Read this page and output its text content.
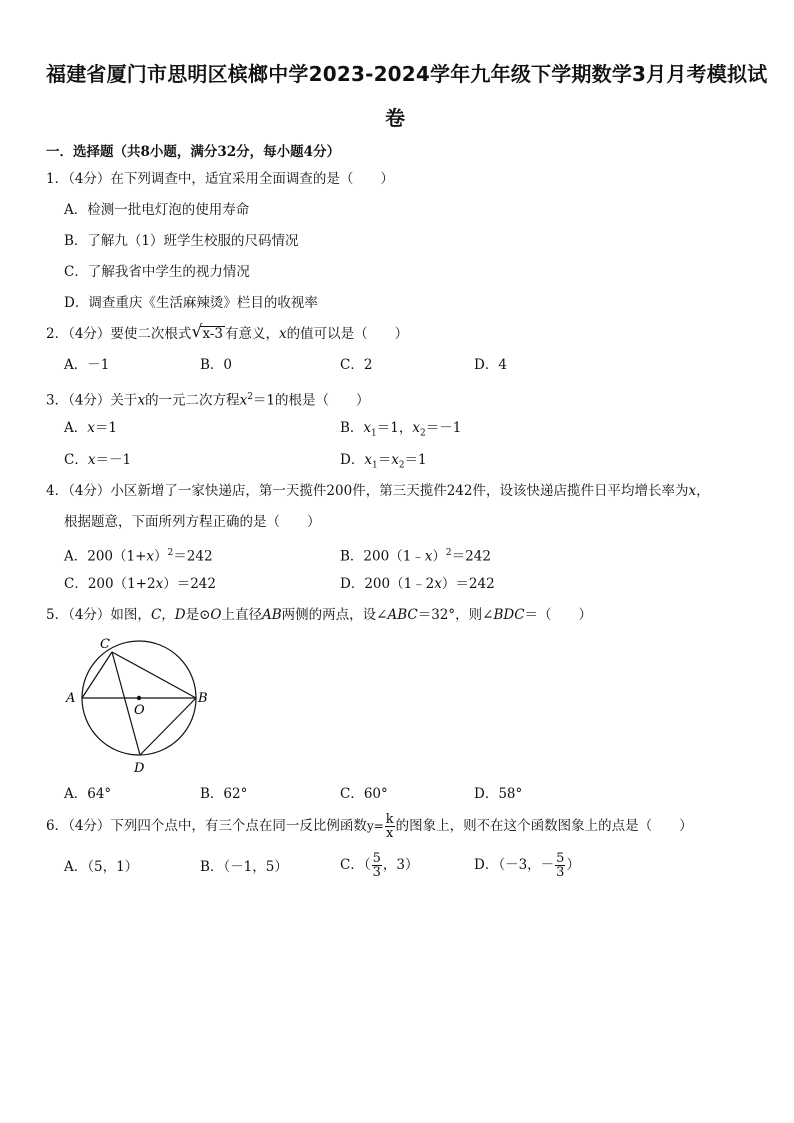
福建省厦门市思明区槟榔中学2023-2024学年九年级下学期数学3月月考模拟试
卷
一．选择题（共8小题，满分32分，每小题4分）
1．（4分）在下列调查中，适宜采用全面调查的是（　　）
A．检测一批电灯泡的使用寿命
B．了解九（1）班学生校服的尺码情况
C．了解我省中学生的视力情况
D．调查重庆《生活麻辣烫》栏目的收视率
2．（4分）要使二次根式 √ x-3 有意义，x的值可以是（　　）
A．－1	B．0	C．2	D．4
3．（4分）关于x的一元二次方程$x^2=1$的根是（　　）
A．x＝1	B．$x_1=1$，$x_2=-1$
C．x＝－1	D．$x_1=x_2=1$
4．（4分）小区新增了一家快递店，第一天揽件200件，第三天揽件242件，设该快递店揽件日平均增长率为x，
根据题意，下面所列方程正确的是（　　）
A．$200(1+x)^2=242$	B．200（1﹣x）$^2$＝242
C．200（1+2x）＝242	D．200（1﹣2x）＝242
5．（4分）如图，C，D是⊙O上直径AB两侧的两点，设∠ABC＝32°，则∠BDC＝（　　）
A	B
C
D
O
A．64°	B．62°	C．60°	D．58°
6．（4分）下列四个点中，有三个点在同一反比例函数$y= \frac{k}{x}$ 的图象上，则不在这个函数图象上的点是（　　）
A．（5，1）	B．（－1，5）	C．（ $\frac{5}{3}$ ，3）	D．（－3，－ $\frac{5}{3}$ ）
